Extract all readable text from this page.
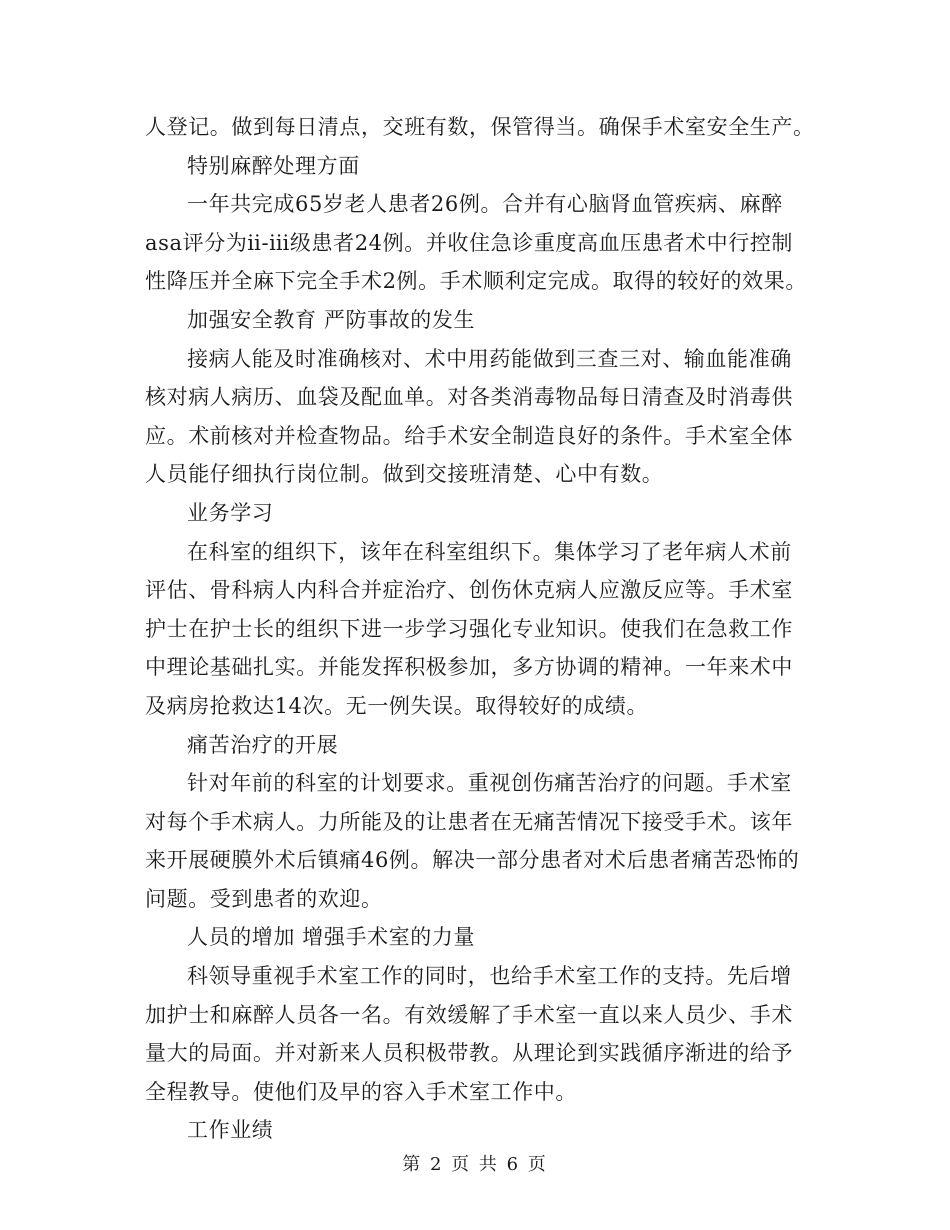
人登记。做到每日清点，交班有数，保管得当。确保手术室安全生产。
特别麻醉处理方面
一年共完成65岁老人患者26例。合并有心脑肾血管疾病、麻醉
asa评分为ⅱ-ⅲ级患者24例。并收住急诊重度高血压患者术中行控制
性降压并全麻下完全手术2例。手术顺利定完成。取得的较好的效果。
加强安全教育 严防事故的发生
接病人能及时准确核对、术中用药能做到三查三对、输血能准确
核对病人病历、血袋及配血单。对各类消毒物品每日清查及时消毒供
应。术前核对并检查物品。给手术安全制造良好的条件。手术室全体
人员能仔细执行岗位制。做到交接班清楚、心中有数。
业务学习
在科室的组织下，该年在科室组织下。集体学习了老年病人术前
评估、骨科病人内科合并症治疗、创伤休克病人应激反应等。手术室
护士在护士长的组织下进一步学习强化专业知识。使我们在急救工作
中理论基础扎实。并能发挥积极参加，多方协调的精神。一年来术中
及病房抢救达14次。无一例失误。取得较好的成绩。
痛苦治疗的开展
针对年前的科室的计划要求。重视创伤痛苦治疗的问题。手术室
对每个手术病人。力所能及的让患者在无痛苦情况下接受手术。该年
来开展硬膜外术后镇痛46例。解决一部分患者对术后患者痛苦恐怖的
问题。受到患者的欢迎。
人员的增加 增强手术室的力量
科领导重视手术室工作的同时，也给手术室工作的支持。先后增
加护士和麻醉人员各一名。有效缓解了手术室一直以来人员少、手术
量大的局面。并对新来人员积极带教。从理论到实践循序渐进的给予
全程教导。使他们及早的容入手术室工作中。
工作业绩
第 2 页 共 6 页
